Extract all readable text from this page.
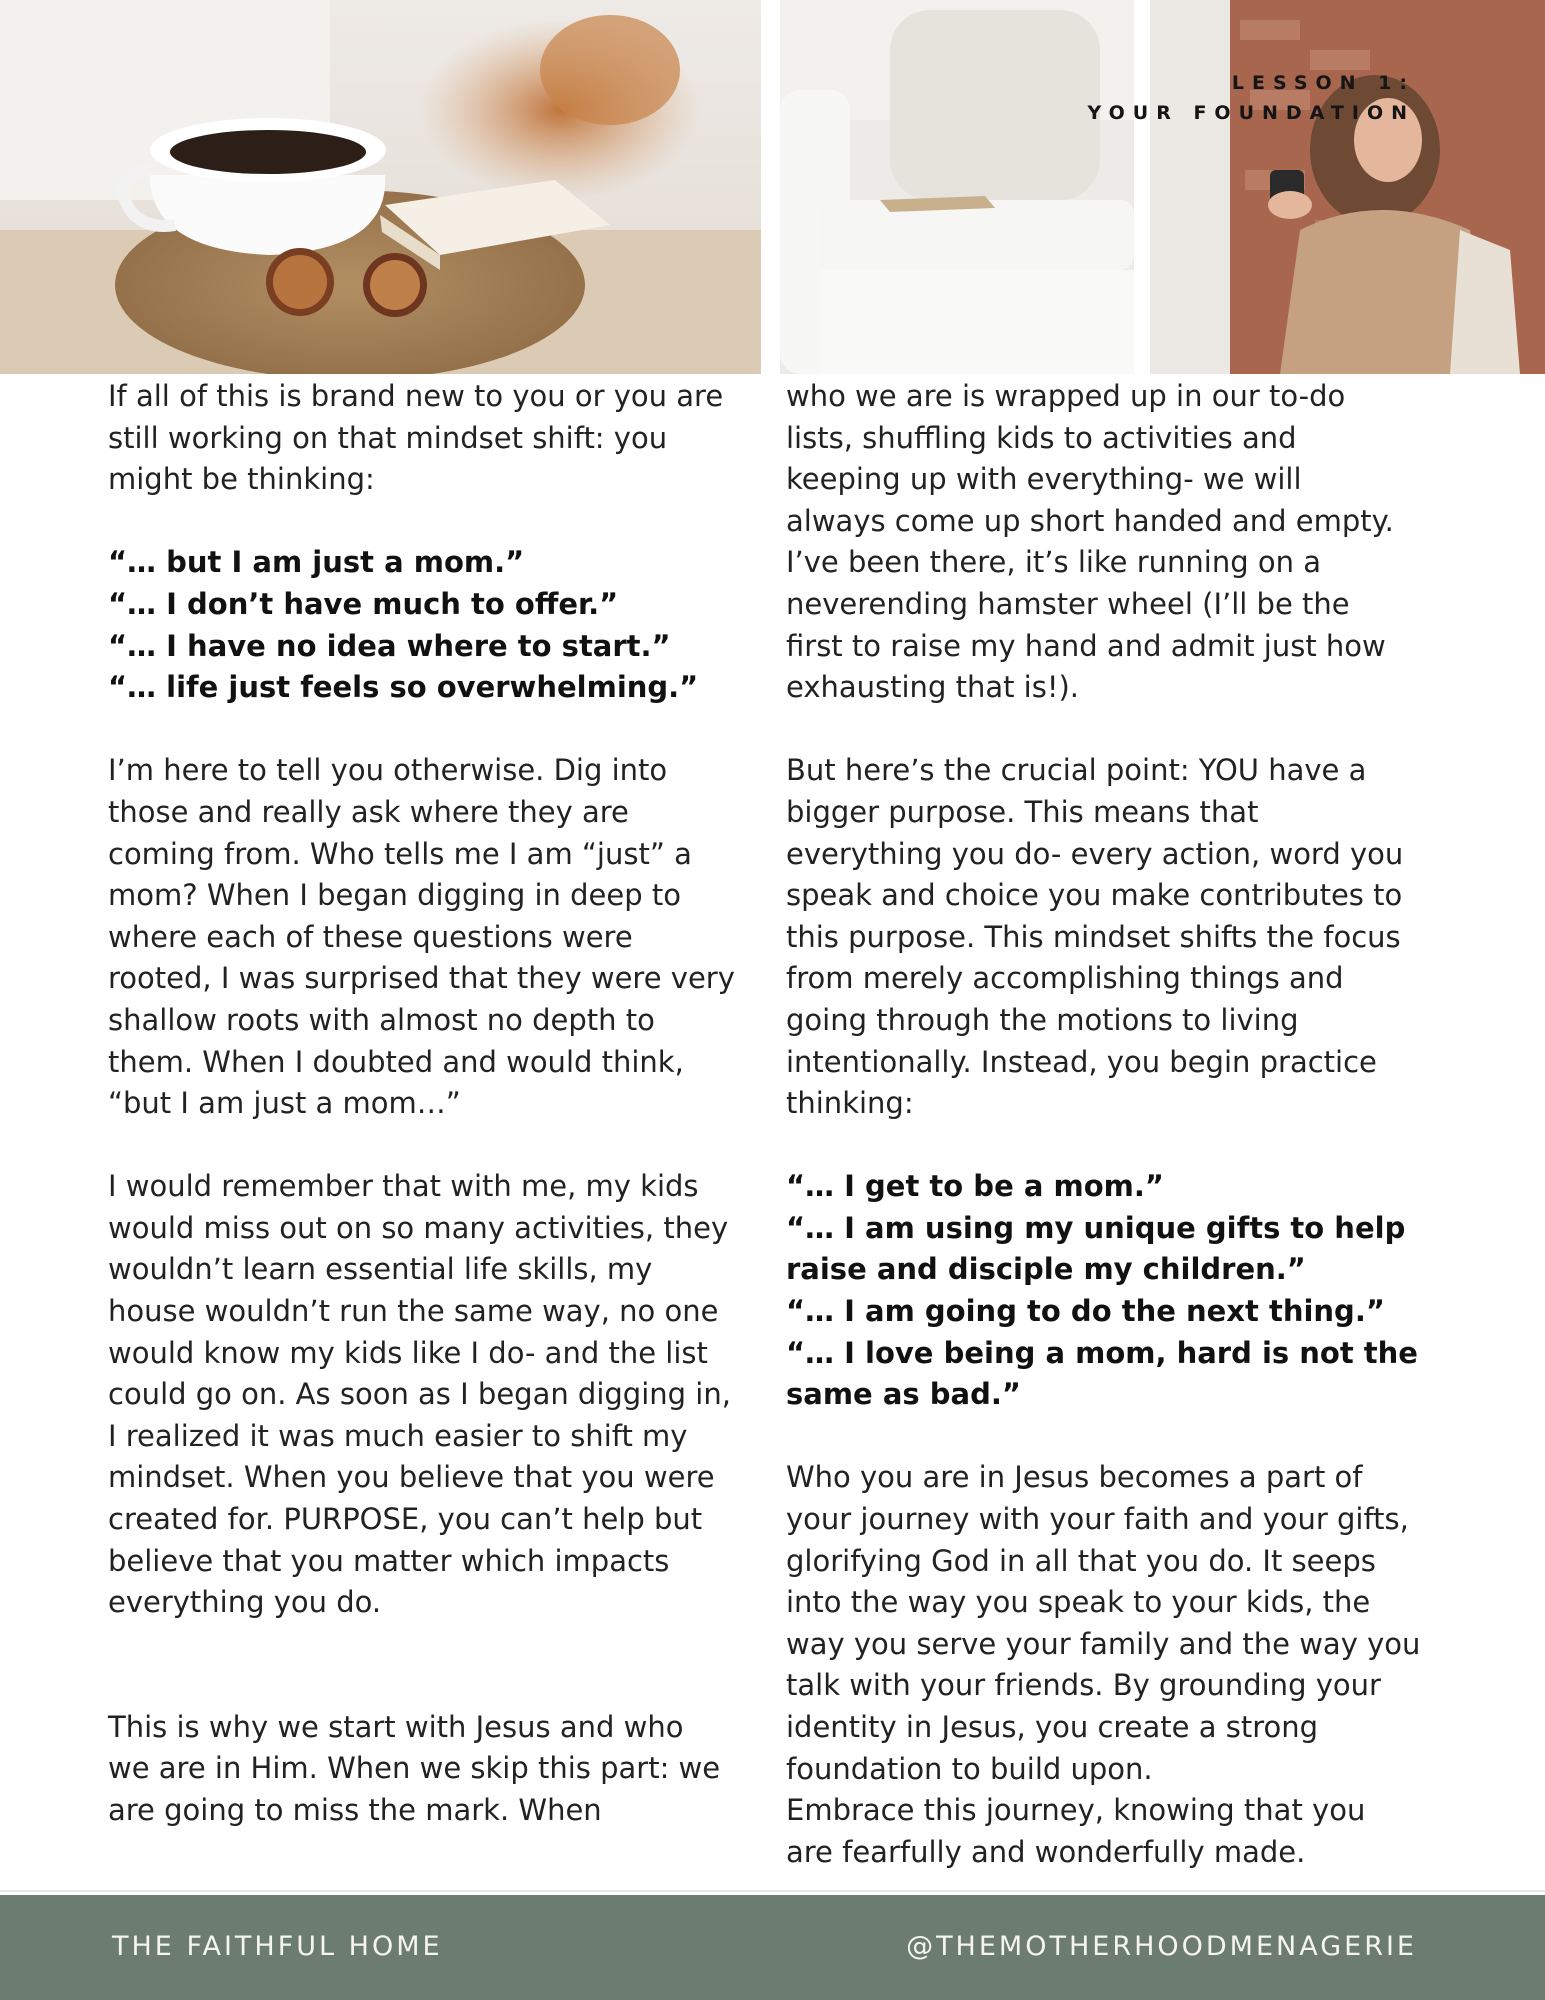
LESSON 1:
YOUR FOUNDATION

If all of this is brand new to you or you are
still working on that mindset shift: you
might be thinking:

“… but I am just a mom.”
“… I don’t have much to offer.”
“… I have no idea where to start.”
“… life just feels so overwhelming.”

I’m here to tell you otherwise. Dig into
those and really ask where they are
coming from. Who tells me I am “just” a
mom? When I began digging in deep to
where each of these questions were
rooted, I was surprised that they were very
shallow roots with almost no depth to
them. When I doubted and would think,
“but I am just a mom…”

I would remember that with me, my kids
would miss out on so many activities, they
wouldn’t learn essential life skills, my
house wouldn’t run the same way, no one
would know my kids like I do- and the list
could go on. As soon as I began digging in,
I realized it was much easier to shift my
mindset. When you believe that you were
created for. PURPOSE, you can’t help but
believe that you matter which impacts
everything you do.

This is why we start with Jesus and who
we are in Him. When we skip this part: we
are going to miss the mark. When

who we are is wrapped up in our to-do
lists, shuffling kids to activities and
keeping up with everything- we will
always come up short handed and empty.
I’ve been there, it’s like running on a
neverending hamster wheel (I’ll be the
first to raise my hand and admit just how
exhausting that is!).

But here’s the crucial point: YOU have a
bigger purpose. This means that
everything you do- every action, word you
speak and choice you make contributes to
this purpose. This mindset shifts the focus
from merely accomplishing things and
going through the motions to living
intentionally. Instead, you begin practice
thinking:

“… I get to be a mom.”
“… I am using my unique gifts to help
raise and disciple my children.”
“… I am going to do the next thing.”
“… I love being a mom, hard is not the
same as bad.”

Who you are in Jesus becomes a part of
your journey with your faith and your gifts,
glorifying God in all that you do. It seeps
into the way you speak to your kids, the
way you serve your family and the way you
talk with your friends. By grounding your
identity in Jesus, you create a strong
foundation to build upon.
Embrace this journey, knowing that you
are fearfully and wonderfully made.

THE FAITHFUL HOME	@THEMOTHERHOODMENAGERIE
